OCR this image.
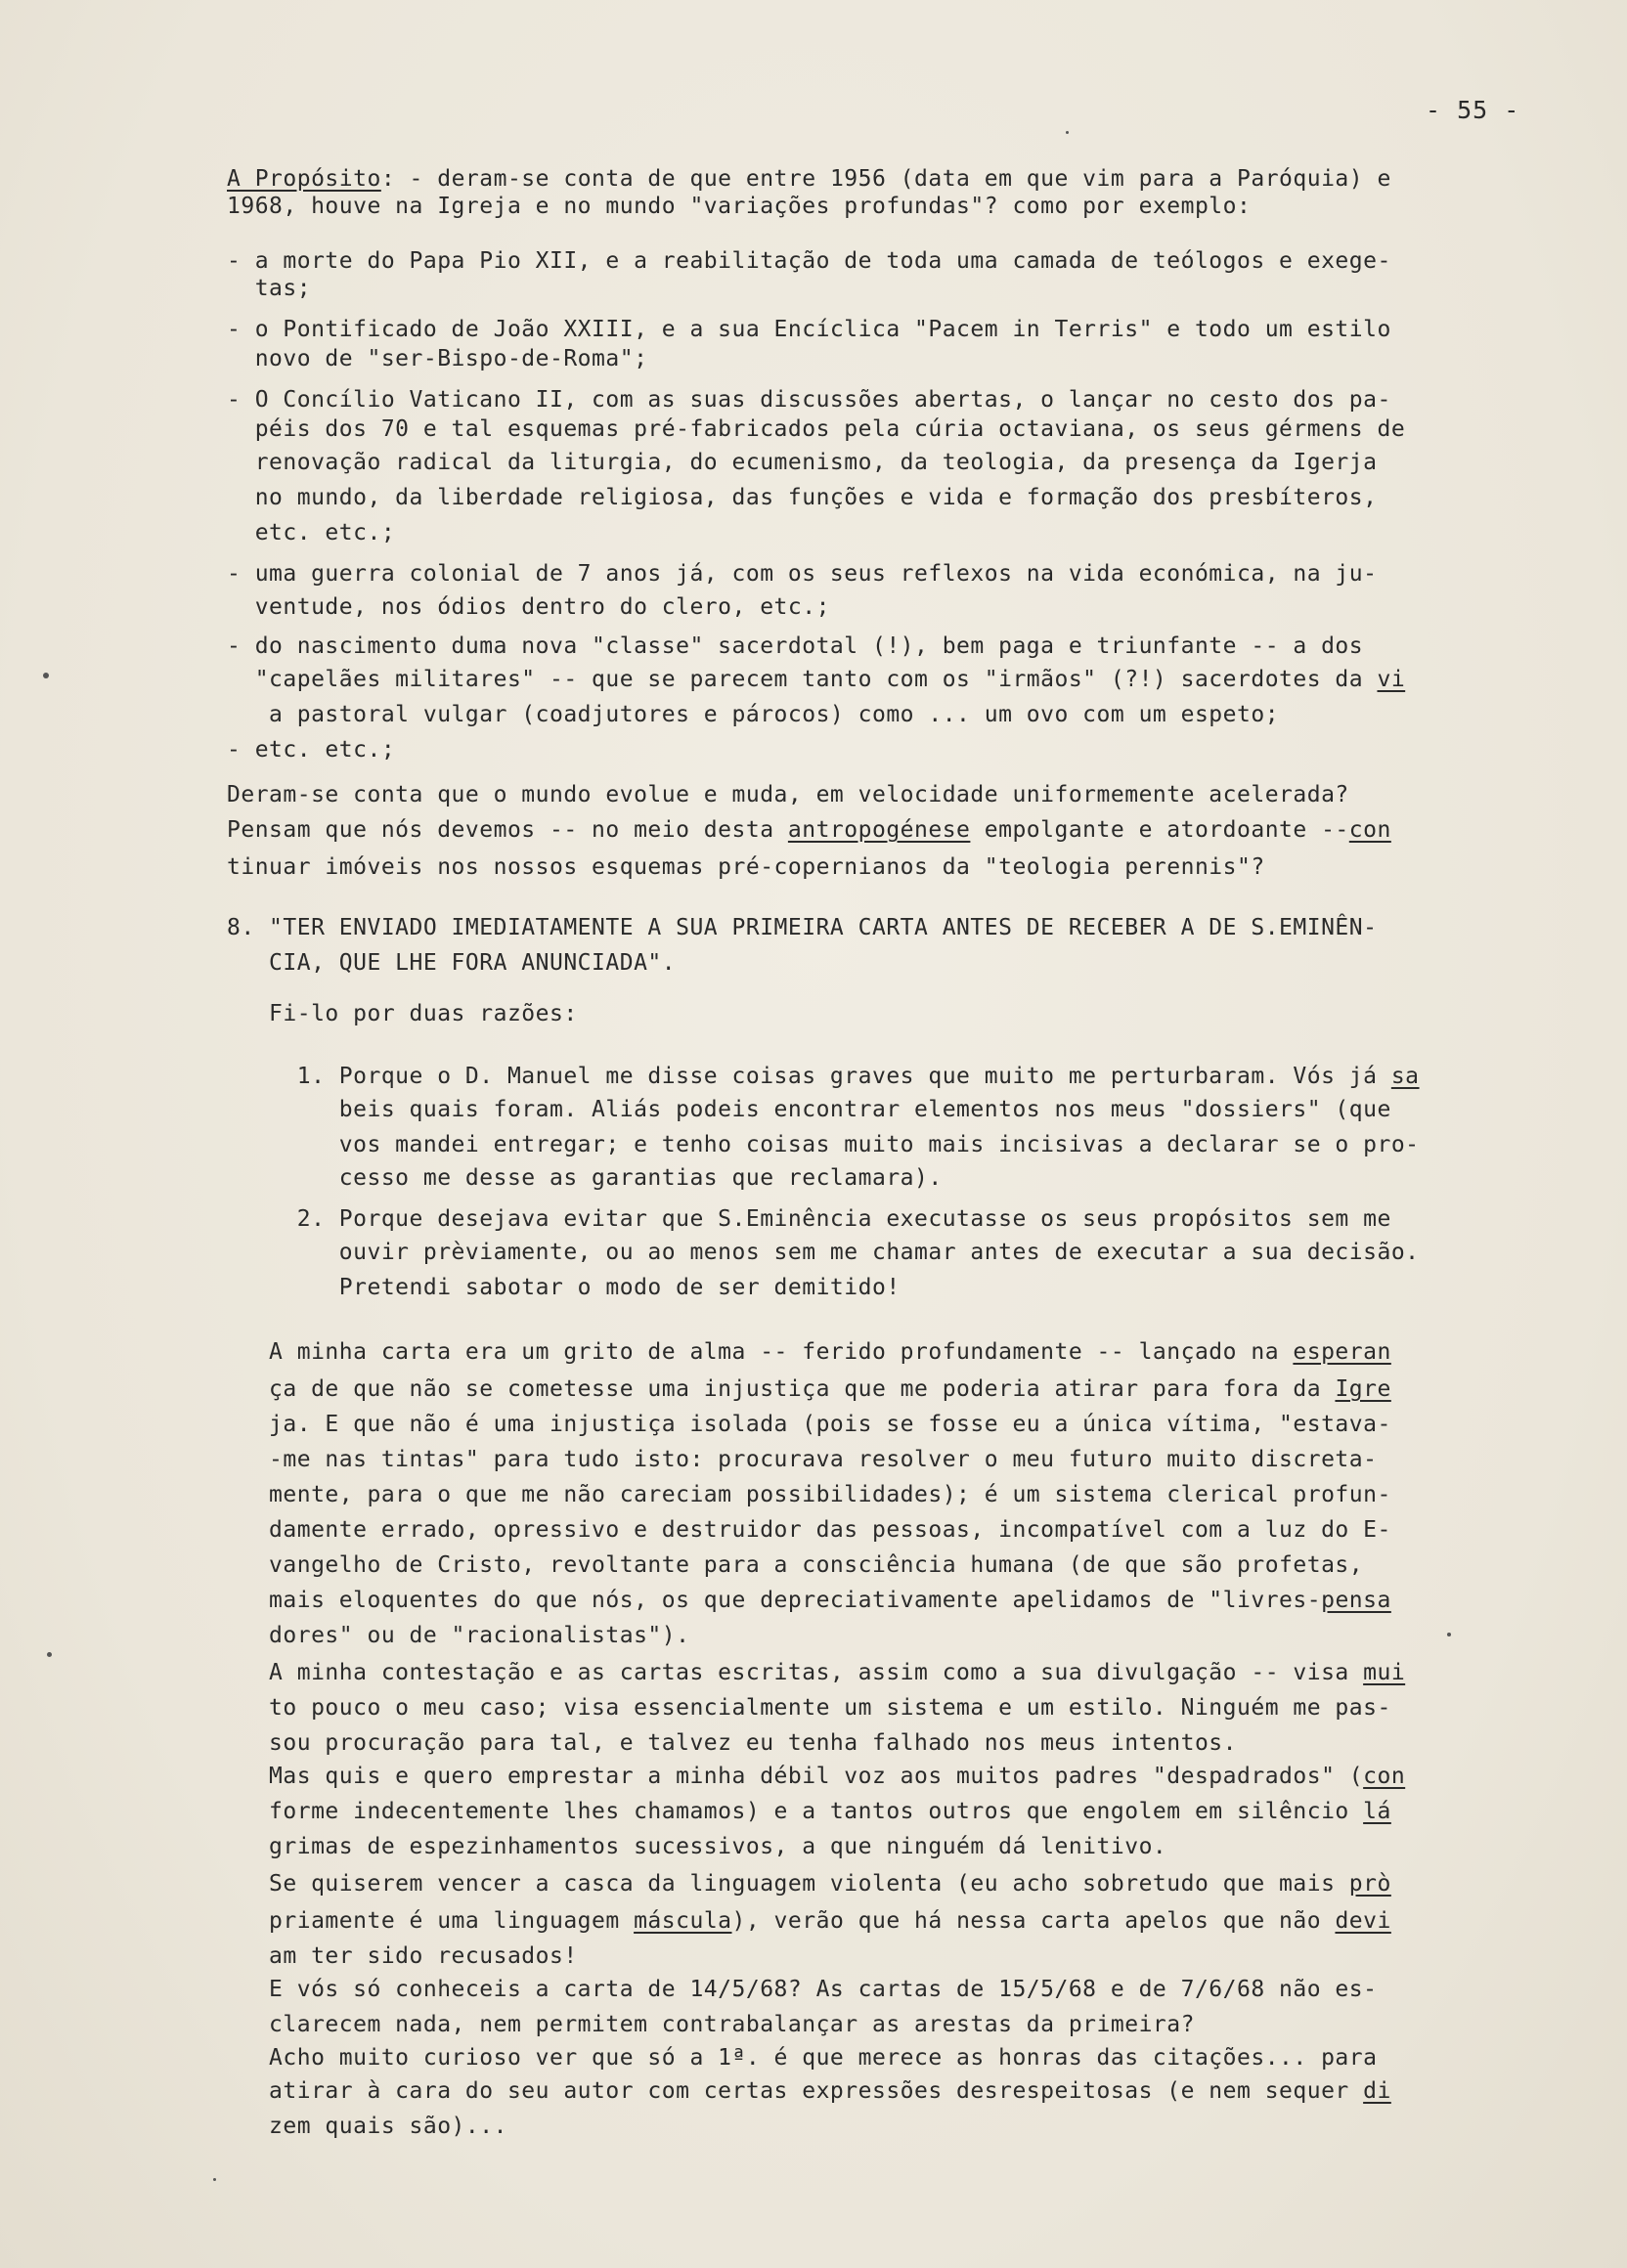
- 55 -
A Propósito: - deram-se conta de que entre 1956 (data em que vim para a Paróquia) e
1968, houve na Igreja e no mundo "variações profundas"? como por exemplo:
- a morte do Papa Pio XII, e a reabilitação de toda uma camada de teólogos e exege-
tas;
- o Pontificado de João XXIII, e a sua Encíclica "Pacem in Terris" e todo um estilo
novo de "ser-Bispo-de-Roma";
- O Concílio Vaticano II, com as suas discussões abertas, o lançar no cesto dos pa-
péis dos 70 e tal esquemas pré-fabricados pela cúria octaviana, os seus gérmens de
renovação radical da liturgia, do ecumenismo, da teologia, da presença da Igerja
no mundo, da liberdade religiosa, das funções e vida e formação dos presbíteros,
etc. etc.;
- uma guerra colonial de 7 anos já, com os seus reflexos na vida económica, na ju-
ventude, nos ódios dentro do clero, etc.;
- do nascimento duma nova "classe" sacerdotal (!), bem paga e triunfante -- a dos
"capelães militares" -- que se parecem tanto com os "irmãos" (?!) sacerdotes da vi
a pastoral vulgar (coadjutores e párocos) como ... um ovo com um espeto;
- etc. etc.;
Deram-se conta que o mundo evolue e muda, em velocidade uniformemente acelerada?
Pensam que nós devemos -- no meio desta antropogénese empolgante e atordoante --con
tinuar imóveis nos nossos esquemas pré-copernianos da "teologia perennis"?
8. "TER ENVIADO IMEDIATAMENTE A SUA PRIMEIRA CARTA ANTES DE RECEBER A DE S.EMINÊN-
CIA, QUE LHE FORA ANUNCIADA".
Fi-lo por duas razões:
1. Porque o D. Manuel me disse coisas graves que muito me perturbaram. Vós já sa
beis quais foram. Aliás podeis encontrar elementos nos meus "dossiers" (que
vos mandei entregar; e tenho coisas muito mais incisivas a declarar se o pro-
cesso me desse as garantias que reclamara).
2. Porque desejava evitar que S.Eminência executasse os seus propósitos sem me
ouvir prèviamente, ou ao menos sem me chamar antes de executar a sua decisão.
Pretendi sabotar o modo de ser demitido!
A minha carta era um grito de alma -- ferido profundamente -- lançado na esperan
ça de que não se cometesse uma injustiça que me poderia atirar para fora da Igre
ja. E que não é uma injustiça isolada (pois se fosse eu a única vítima, "estava-
-me nas tintas" para tudo isto: procurava resolver o meu futuro muito discreta-
mente, para o que me não careciam possibilidades); é um sistema clerical profun-
damente errado, opressivo e destruidor das pessoas, incompatível com a luz do E-
vangelho de Cristo, revoltante para a consciência humana (de que são profetas,
mais eloquentes do que nós, os que depreciativamente apelidamos de "livres-pensa
dores" ou de "racionalistas").
A minha contestação e as cartas escritas, assim como a sua divulgação -- visa mui
to pouco o meu caso; visa essencialmente um sistema e um estilo. Ninguém me pas-
sou procuração para tal, e talvez eu tenha falhado nos meus intentos.
Mas quis e quero emprestar a minha débil voz aos muitos padres "despadrados" (con
forme indecentemente lhes chamamos) e a tantos outros que engolem em silêncio lá
grimas de espezinhamentos sucessivos, a que ninguém dá lenitivo.
Se quiserem vencer a casca da linguagem violenta (eu acho sobretudo que mais prò
priamente é uma linguagem máscula), verão que há nessa carta apelos que não devi
am ter sido recusados!
E vós só conheceis a carta de 14/5/68? As cartas de 15/5/68 e de 7/6/68 não es-
clarecem nada, nem permitem contrabalançar as arestas da primeira?
Acho muito curioso ver que só a 1ª. é que merece as honras das citações... para
atirar à cara do seu autor com certas expressões desrespeitosas (e nem sequer di
zem quais são)...
